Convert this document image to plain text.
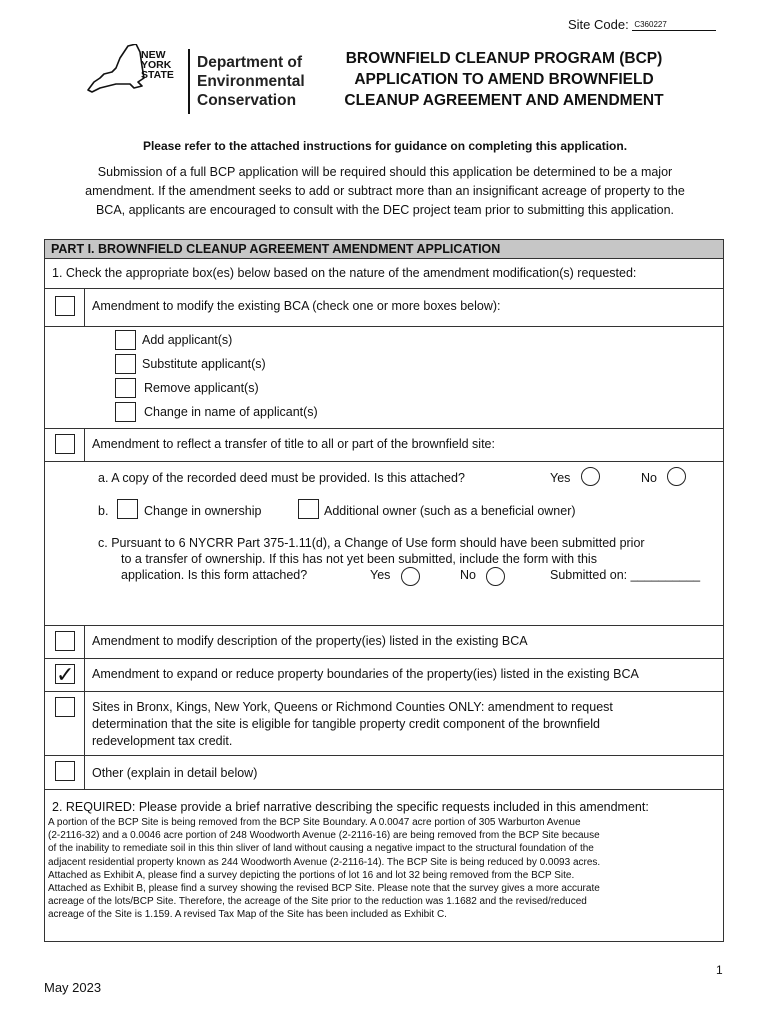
Site Code: C360227
NEW
YORK
STATE
Department of
Environmental
Conservation
BROWNFIELD CLEANUP PROGRAM (BCP)
APPLICATION TO AMEND BROWNFIELD
CLEANUP AGREEMENT AND AMENDMENT
Please refer to the attached instructions for guidance on completing this application.
Submission of a full BCP application will be required should this application be determined to be a major
amendment. If the amendment seeks to add or subtract more than an insignificant acreage of property to the
BCA, applicants are encouraged to consult with the DEC project team prior to submitting this application.
PART I. BROWNFIELD CLEANUP AGREEMENT AMENDMENT APPLICATION
1. Check the appropriate box(es) below based on the nature of the amendment modification(s) requested:
Amendment to modify the existing BCA (check one or more boxes below):
Add applicant(s)
Substitute applicant(s)
Remove applicant(s)
Change in name of applicant(s)
Amendment to reflect a transfer of title to all or part of the brownfield site:
a. A copy of the recorded deed must be provided. Is this attached?	Yes	No
b.	Change in ownership	Additional owner (such as a beneficial owner)
c. Pursuant to 6 NYCRR Part 375-1.11(d), a Change of Use form should have been submitted prior
to a transfer of ownership. If this has not yet been submitted, include the form with this
application. Is this form attached?	Yes	No	Submitted on: __________
Amendment to modify description of the property(ies) listed in the existing BCA
✓ Amendment to expand or reduce property boundaries of the property(ies) listed in the existing BCA
Sites in Bronx, Kings, New York, Queens or Richmond Counties ONLY: amendment to request
determination that the site is eligible for tangible property credit component of the brownfield
redevelopment tax credit.
Other (explain in detail below)
2. REQUIRED: Please provide a brief narrative describing the specific requests included in this amendment:
A portion of the BCP Site is being removed from the BCP Site Boundary. A 0.0047 acre portion of 305 Warburton Avenue
(2-2116-32) and a 0.0046 acre portion of 248 Woodworth Avenue (2-2116-16) are being removed from the BCP Site because
of the inability to remediate soil in this thin sliver of land without causing a negative impact to the structural foundation of the
adjacent residential property known as 244 Woodworth Avenue (2-2116-14). The BCP Site is being reduced by 0.0093 acres.
Attached as Exhibit A, please find a survey depicting the portions of lot 16 and lot 32 being removed from the BCP Site.
Attached as Exhibit B, please find a survey showing the revised BCP Site. Please note that the survey gives a more accurate
acreage of the lots/BCP Site. Therefore, the acreage of the Site prior to the reduction was 1.1682 and the revised/reduced
acreage of the Site is 1.159. A revised Tax Map of the Site has been included as Exhibit C.
1
May 2023
